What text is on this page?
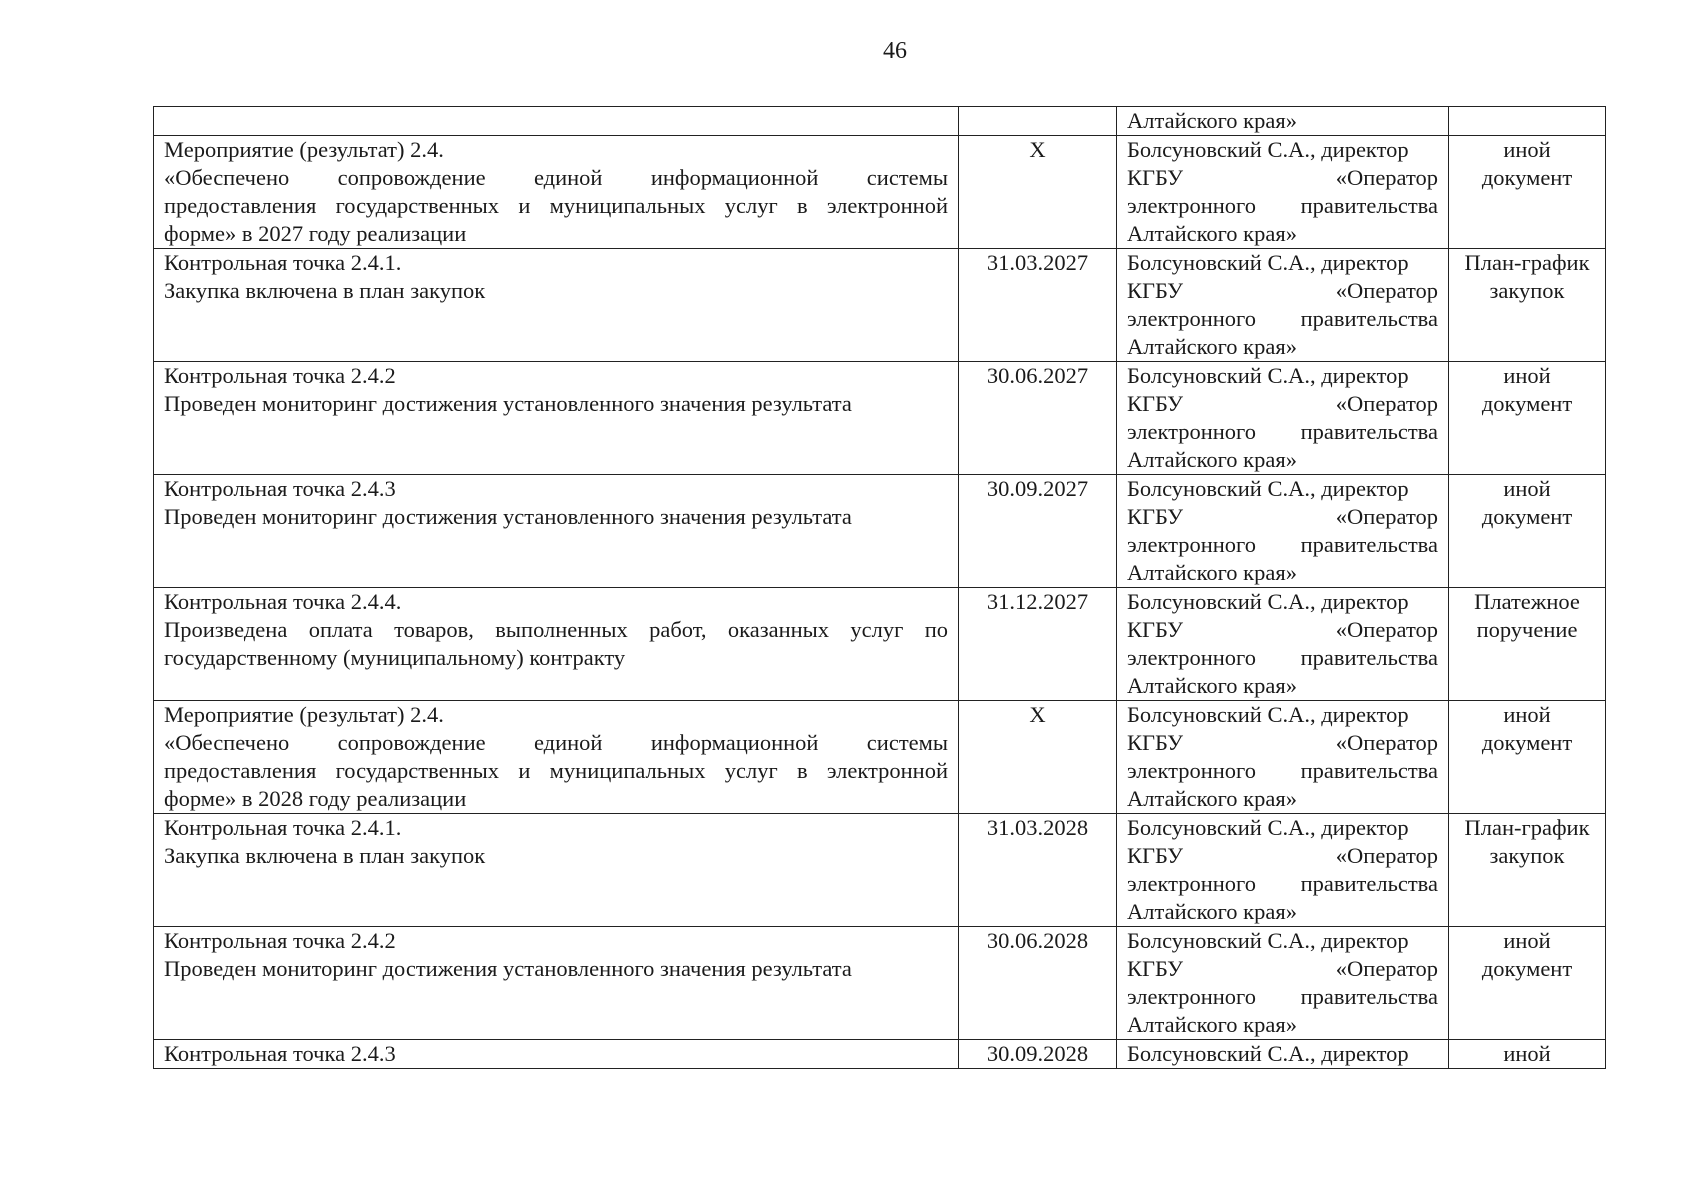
46

		Алтайского края»	

Мероприятие (результат) 2.4.
«Обеспечено сопровождение единой информационной системы
предоставления государственных и муниципальных услуг в электронной
форме» в 2027 году реализации	Х	Болсуновский С.А., директор
КГБУ «Оператор
электронного правительства
Алтайского края»	иной
документ

Контрольная точка 2.4.1.
Закупка включена в план закупок	31.03.2027	Болсуновский С.А., директор
КГБУ «Оператор
электронного правительства
Алтайского края»	План-график
закупок

Контрольная точка 2.4.2
Проведен мониторинг достижения установленного значения результата	30.06.2027	Болсуновский С.А., директор
КГБУ «Оператор
электронного правительства
Алтайского края»	иной
документ

Контрольная точка 2.4.3
Проведен мониторинг достижения установленного значения результата	30.09.2027	Болсуновский С.А., директор
КГБУ «Оператор
электронного правительства
Алтайского края»	иной
документ

Контрольная точка 2.4.4.
Произведена оплата товаров, выполненных работ, оказанных услуг по
государственному (муниципальному) контракту	31.12.2027	Болсуновский С.А., директор
КГБУ «Оператор
электронного правительства
Алтайского края»	Платежное
поручение

Мероприятие (результат) 2.4.
«Обеспечено сопровождение единой информационной системы
предоставления государственных и муниципальных услуг в электронной
форме» в 2028 году реализации	Х	Болсуновский С.А., директор
КГБУ «Оператор
электронного правительства
Алтайского края»	иной
документ

Контрольная точка 2.4.1.
Закупка включена в план закупок	31.03.2028	Болсуновский С.А., директор
КГБУ «Оператор
электронного правительства
Алтайского края»	План-график
закупок

Контрольная точка 2.4.2
Проведен мониторинг достижения установленного значения результата	30.06.2028	Болсуновский С.А., директор
КГБУ «Оператор
электронного правительства
Алтайского края»	иной
документ

Контрольная точка 2.4.3	30.09.2028	Болсуновский С.А., директор	иной
